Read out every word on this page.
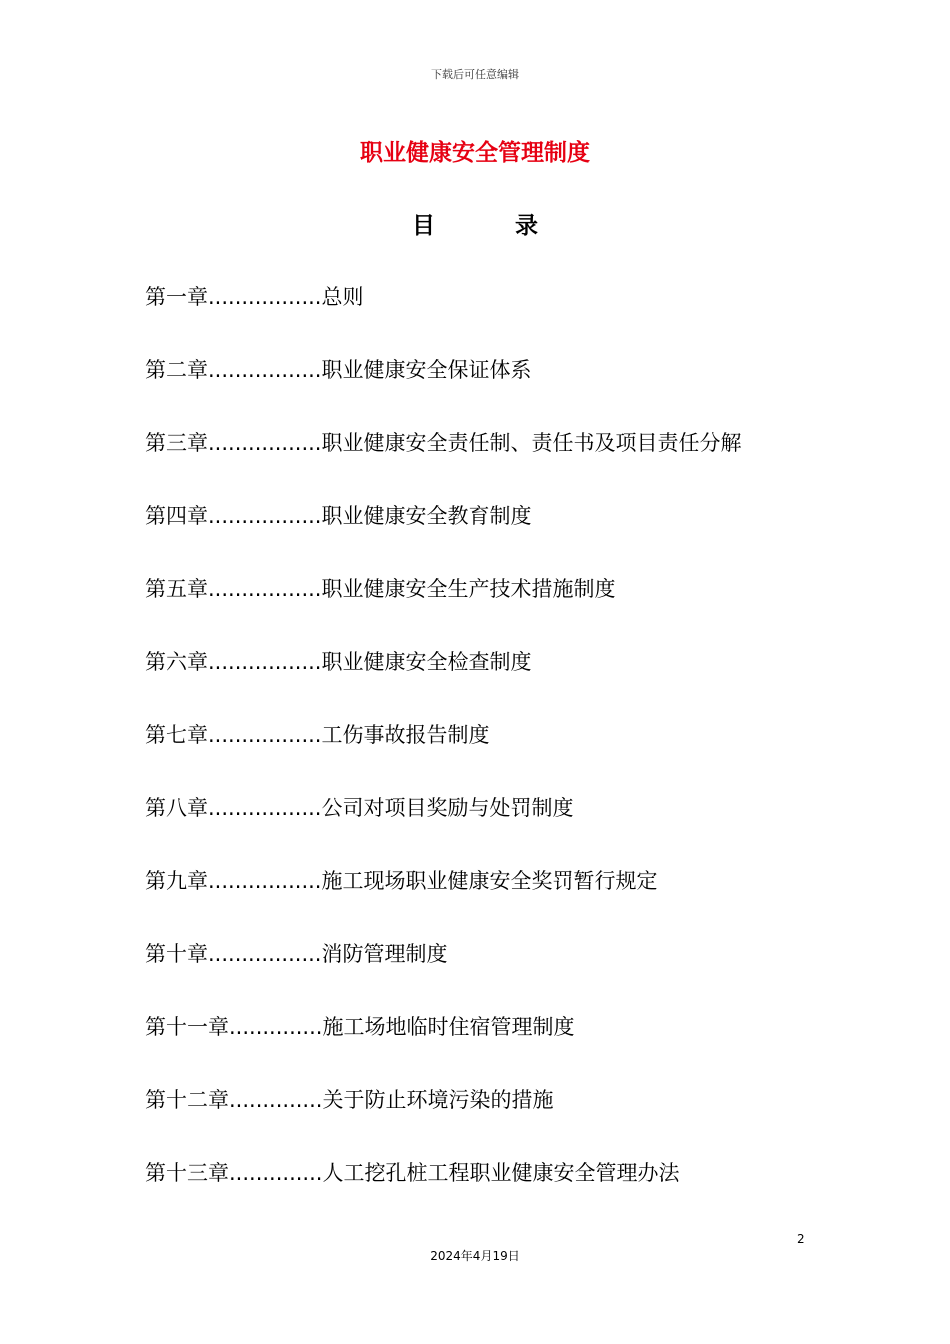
下载后可任意编辑
职业健康安全管理制度
目 录
第一章.................总则
第二章.................职业健康安全保证体系
第三章.................职业健康安全责任制、责任书及项目责任分解
第四章.................职业健康安全教育制度
第五章.................职业健康安全生产技术措施制度
第六章.................职业健康安全检查制度
第七章.................工伤事故报告制度
第八章.................公司对项目奖励与处罚制度
第九章.................施工现场职业健康安全奖罚暂行规定
第十章.................消防管理制度
第十一章..............施工场地临时住宿管理制度
第十二章..............关于防止环境污染的措施
第十三章..............人工挖孔桩工程职业健康安全管理办法
2
2024年4月19日
